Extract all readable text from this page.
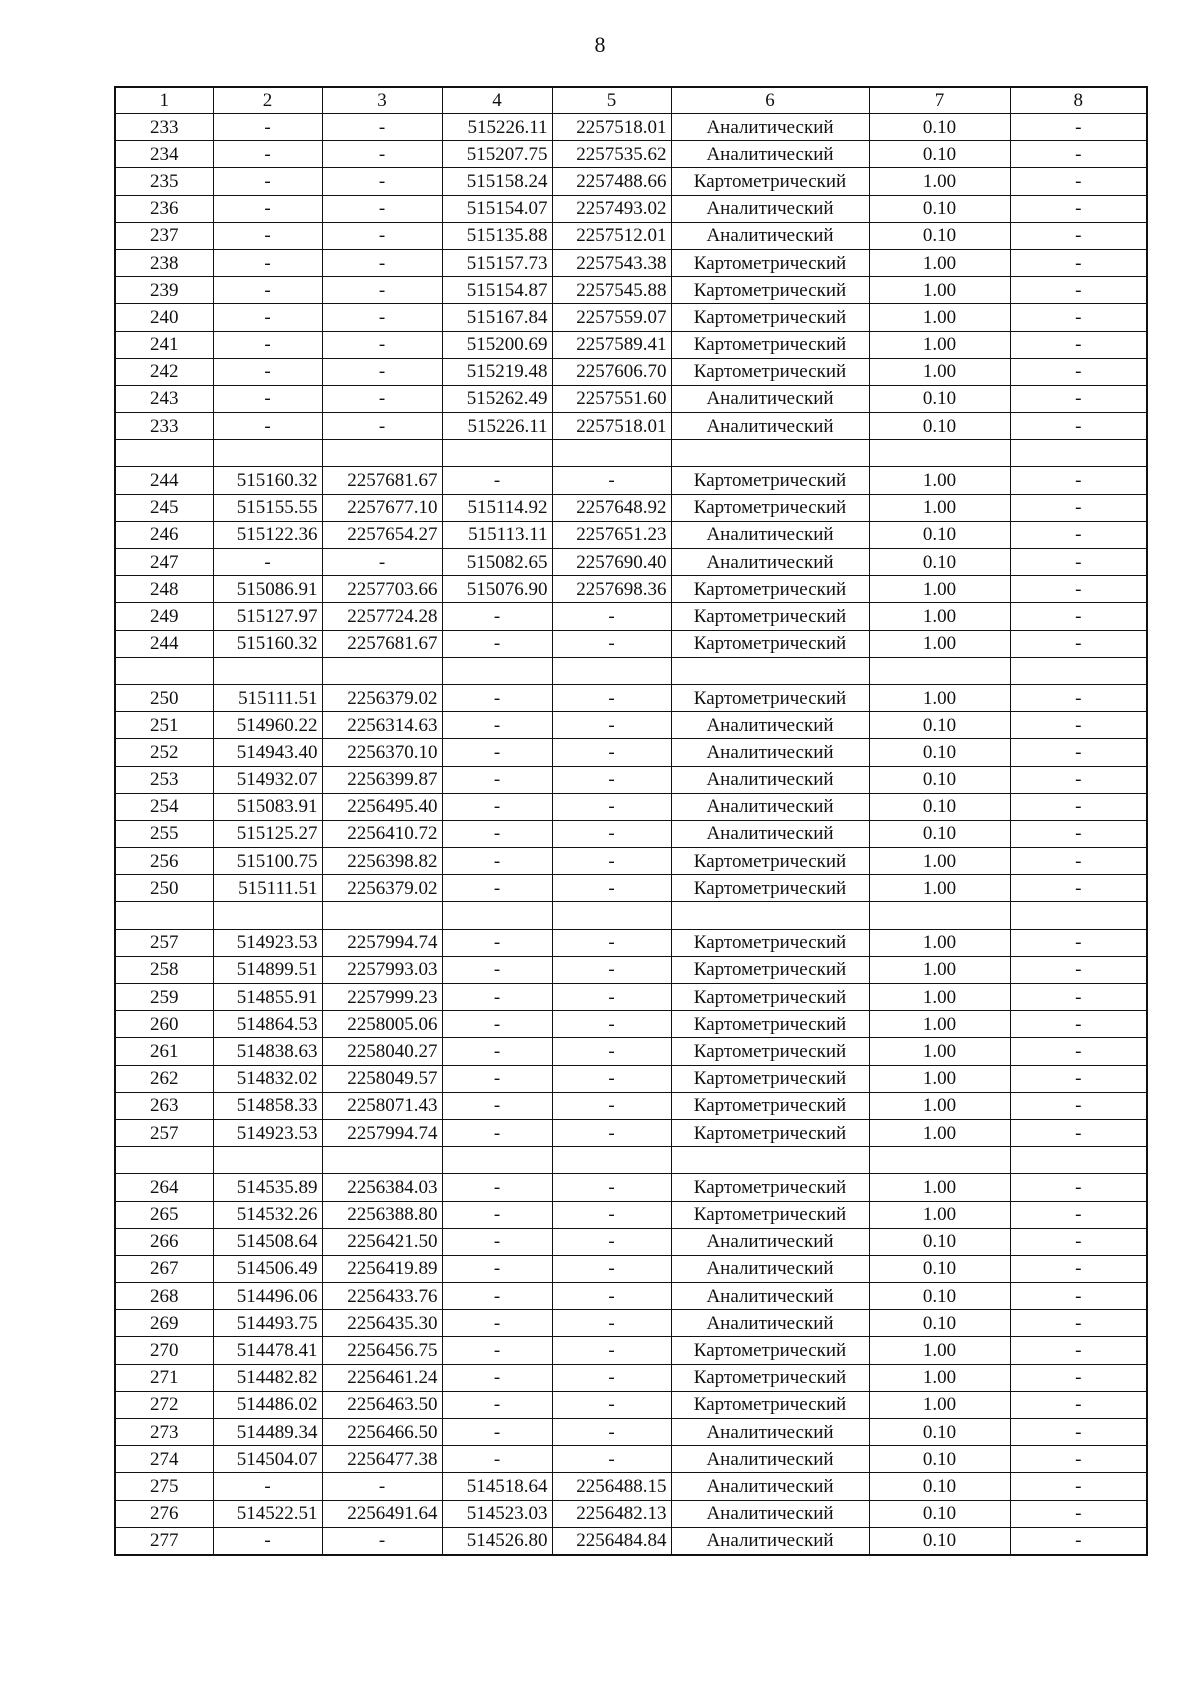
8
1	2	3	4	5	6	7	8
233	-	-	515226.11	2257518.01	Аналитический	0.10	-
234	-	-	515207.75	2257535.62	Аналитический	0.10	-
235	-	-	515158.24	2257488.66	Картометрический	1.00	-
236	-	-	515154.07	2257493.02	Аналитический	0.10	-
237	-	-	515135.88	2257512.01	Аналитический	0.10	-
238	-	-	515157.73	2257543.38	Картометрический	1.00	-
239	-	-	515154.87	2257545.88	Картометрический	1.00	-
240	-	-	515167.84	2257559.07	Картометрический	1.00	-
241	-	-	515200.69	2257589.41	Картометрический	1.00	-
242	-	-	515219.48	2257606.70	Картометрический	1.00	-
243	-	-	515262.49	2257551.60	Аналитический	0.10	-
233	-	-	515226.11	2257518.01	Аналитический	0.10	-

244	515160.32	2257681.67	-	-	Картометрический	1.00	-
245	515155.55	2257677.10	515114.92	2257648.92	Картометрический	1.00	-
246	515122.36	2257654.27	515113.11	2257651.23	Аналитический	0.10	-
247	-	-	515082.65	2257690.40	Аналитический	0.10	-
248	515086.91	2257703.66	515076.90	2257698.36	Картометрический	1.00	-
249	515127.97	2257724.28	-	-	Картометрический	1.00	-
244	515160.32	2257681.67	-	-	Картометрический	1.00	-

250	515111.51	2256379.02	-	-	Картометрический	1.00	-
251	514960.22	2256314.63	-	-	Аналитический	0.10	-
252	514943.40	2256370.10	-	-	Аналитический	0.10	-
253	514932.07	2256399.87	-	-	Аналитический	0.10	-
254	515083.91	2256495.40	-	-	Аналитический	0.10	-
255	515125.27	2256410.72	-	-	Аналитический	0.10	-
256	515100.75	2256398.82	-	-	Картометрический	1.00	-
250	515111.51	2256379.02	-	-	Картометрический	1.00	-

257	514923.53	2257994.74	-	-	Картометрический	1.00	-
258	514899.51	2257993.03	-	-	Картометрический	1.00	-
259	514855.91	2257999.23	-	-	Картометрический	1.00	-
260	514864.53	2258005.06	-	-	Картометрический	1.00	-
261	514838.63	2258040.27	-	-	Картометрический	1.00	-
262	514832.02	2258049.57	-	-	Картометрический	1.00	-
263	514858.33	2258071.43	-	-	Картометрический	1.00	-
257	514923.53	2257994.74	-	-	Картометрический	1.00	-

264	514535.89	2256384.03	-	-	Картометрический	1.00	-
265	514532.26	2256388.80	-	-	Картометрический	1.00	-
266	514508.64	2256421.50	-	-	Аналитический	0.10	-
267	514506.49	2256419.89	-	-	Аналитический	0.10	-
268	514496.06	2256433.76	-	-	Аналитический	0.10	-
269	514493.75	2256435.30	-	-	Аналитический	0.10	-
270	514478.41	2256456.75	-	-	Картометрический	1.00	-
271	514482.82	2256461.24	-	-	Картометрический	1.00	-
272	514486.02	2256463.50	-	-	Картометрический	1.00	-
273	514489.34	2256466.50	-	-	Аналитический	0.10	-
274	514504.07	2256477.38	-	-	Аналитический	0.10	-
275	-	-	514518.64	2256488.15	Аналитический	0.10	-
276	514522.51	2256491.64	514523.03	2256482.13	Аналитический	0.10	-
277	-	-	514526.80	2256484.84	Аналитический	0.10	-
